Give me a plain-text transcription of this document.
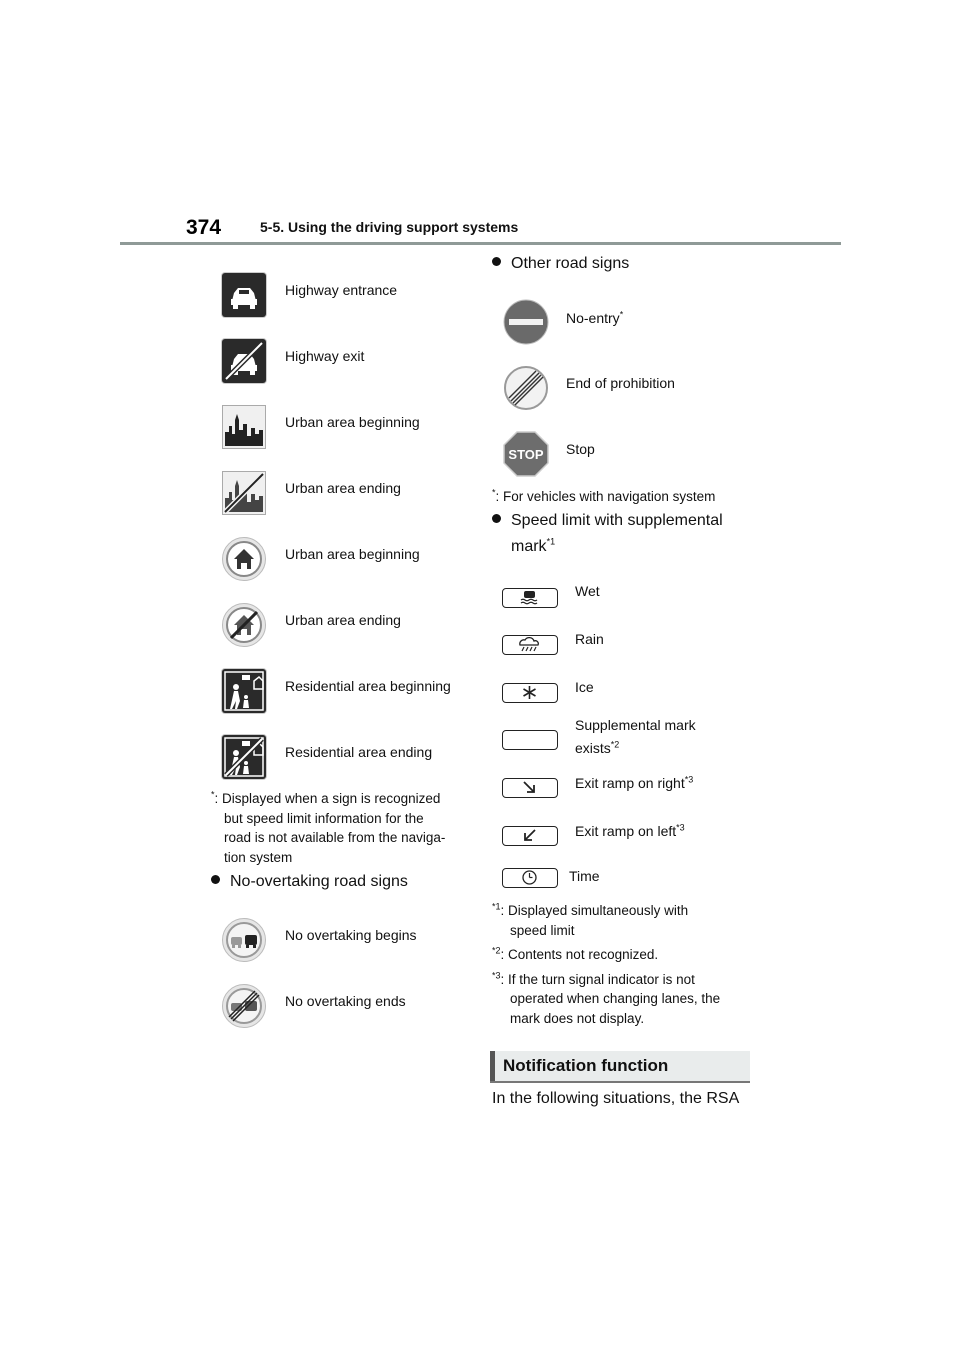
374	5-5. Using the driving support systems
Highway entrance
Highway exit
Urban area beginning
Urban area ending
Urban area beginning
Urban area ending
Residential area beginning
Residential area ending
*: Displayed when a sign is recognized
but speed limit information for the
road is not available from the naviga-
tion system
No-overtaking road signs
No overtaking begins
No overtaking ends
Other road signs
No-entry*
End of prohibition
STOP Stop
*: For vehicles with navigation system
Speed limit with supplemental
mark$^{*1}$
Wet
Rain
Ice
Supplemental mark
exists$^{*2}$
Exit ramp on right$^{*3}$
Exit ramp on left$^{*3}$
Time
$^{*1}$: Displayed simultaneously with
speed limit
$^{*2}$: Contents not recognized.
$^{*3}$: If the turn signal indicator is not
operated when changing lanes, the
mark does not display.
Notification function
In the following situations, the RSA
